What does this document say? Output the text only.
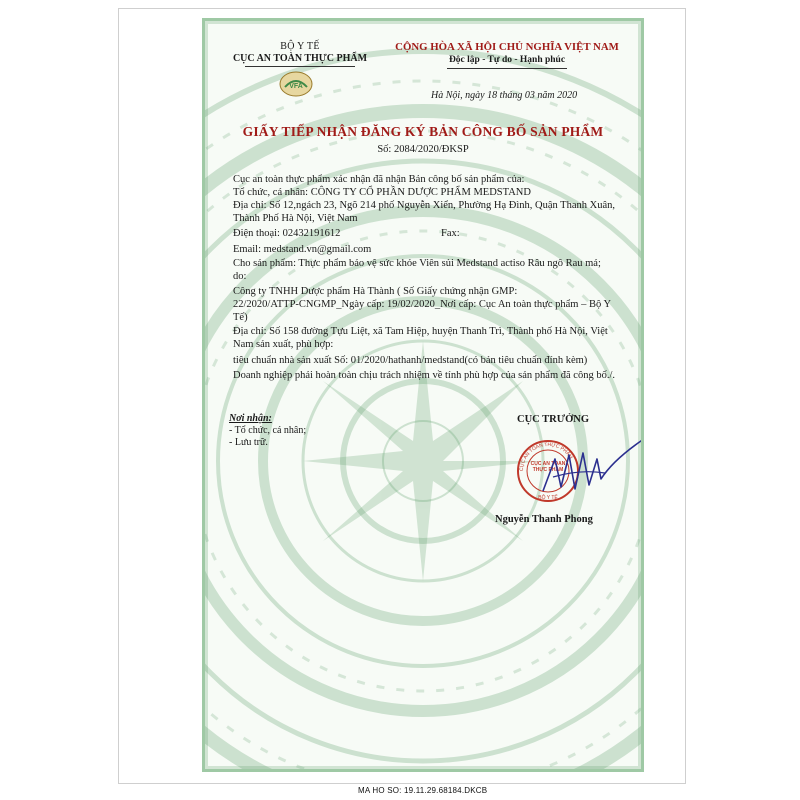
BỘ Y TẾ
CỤC AN TOÀN THỰC PHẨM
VFA
CỘNG HÒA XÃ HỘI CHỦ NGHĨA VIỆT NAM
Độc lập - Tự do - Hạnh phúc
Hà Nội, ngày 18 tháng 03 năm 2020
GIẤY TIẾP NHẬN ĐĂNG KÝ BẢN CÔNG BỐ SẢN PHẨM
Số: 2084/2020/ĐKSP
Cục an toàn thực phẩm xác nhận đã nhận Bản công bố sản phẩm của:
Tổ chức, cá nhân: CÔNG TY CỔ PHẦN DƯỢC PHẨM MEDSTAND
Địa chỉ: Số 12,ngách 23, Ngõ 214 phố Nguyễn Xiển, Phường Hạ Đình, Quận Thanh Xuân,
Thành Phố Hà Nội, Việt Nam
Điện thoại: 02432191612	Fax:
Email: medstand.vn@gmail.com
Cho sản phẩm: Thực phẩm bảo vệ sức khỏe Viên sủi Medstand actiso Râu ngô Rau má;
do:
Công ty TNHH Dược phẩm Hà Thành ( Số Giấy chứng nhận GMP:
22/2020/ATTP-CNGMP_Ngày cấp: 19/02/2020_Nơi cấp: Cục An toàn thực phẩm – Bộ Y
Tế)
Địa chỉ: Số 158 đường Tựu Liệt, xã Tam Hiệp, huyện Thanh Trì, Thành phố Hà Nội, Việt
Nam sản xuất, phù hợp:
tiêu chuẩn nhà sản xuất Số: 01/2020/hathanh/medstand(có bản tiêu chuẩn đính kèm)
Doanh nghiệp phải hoàn toàn chịu trách nhiệm về tính phù hợp của sản phẩm đã công bố./.
Nơi nhận:
- Tổ chức, cá nhân;
- Lưu trữ.
CỤC TRƯỞNG
CỤC AN TOÀN THỰC PHẨM
CỤC AN TOÀN THỰC PHẨM
BỘ Y TẾ
Nguyễn Thanh Phong
MA HO SO: 19.11.29.68184.DKCB
